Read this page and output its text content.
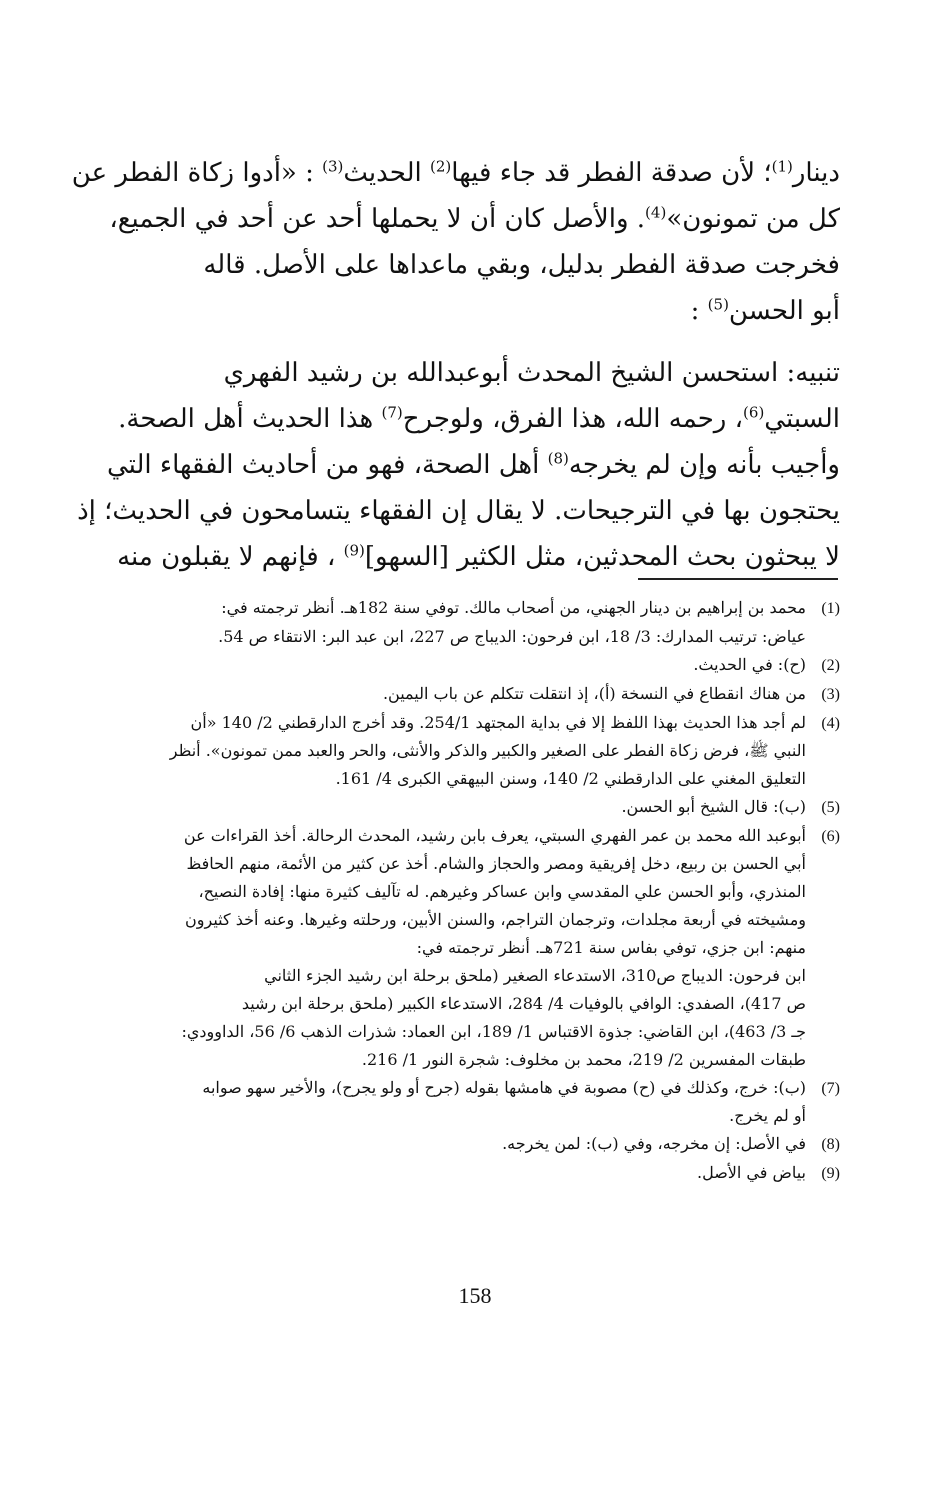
دينار$^{(1)}$؛ لأن صدقة الفطر قد جاء فيها$^{(2)}$ الحديث$^{(3)}$ : «أدوا زكاة الفطر عن
كل من تمونون»$^{(4)}$. والأصل كان أن لا يحملها أحد عن أحد في الجميع،
فخرجت صدقة الفطر بدليل، وبقي ماعداها على الأصل. قاله
أبو الحسن$^{(5)}$ :
تنبيه: استحسن الشيخ المحدث أبوعبدالله بن رشيد الفهري
السبتي$^{(6)}$، رحمه الله، هذا الفرق، ولوجرح$^{(7)}$ هذا الحديث أهل الصحة.
وأجيب بأنه وإن لم يخرجه$^{(8)}$ أهل الصحة، فهو من أحاديث الفقهاء التي
يحتجون بها في الترجيحات. لا يقال إن الفقهاء يتسامحون في الحديث؛ إذ
لا يبحثون بحث المحدثين، مثل الكثير [السهو]$^{(9)}$ ، فإنهم لا يقبلون منه
(1)
محمد بن إبراهيم بن دينار الجهني، من أصحاب مالك. توفي سنة 182هـ. أنظر ترجمته في:
عياض: ترتيب المدارك: 3/ 18، ابن فرحون: الديباج ص 227، ابن عبد البر: الانتقاء ص 54.
(2)
(ح): في الحديث.
(3)
من هناك انقطاع في النسخة (أ)، إذ انتقلت تتكلم عن باب اليمين.
(4)
لم أجد هذا الحديث بهذا اللفظ إلا في بداية المجتهد 254/1. وقد أخرج الدارقطني 2/ 140 «أن
النبي ﷺ، فرض زكاة الفطر على الصغير والكبير والذكر والأنثى، والحر والعبد ممن تمونون». أنظر
التعليق المغني على الدارقطني 2/ 140، وسنن البيهقي الكبرى 4/ 161.
(5)
(ب): قال الشيخ أبو الحسن.
(6)
أبوعبد الله محمد بن عمر الفهري السبتي، يعرف بابن رشيد، المحدث الرحالة. أخذ القراءات عن
أبي الحسن بن ربيع، دخل إفريقية ومصر والحجاز والشام. أخذ عن كثير من الأئمة، منهم الحافظ
المنذري، وأبو الحسن علي المقدسي وابن عساكر وغيرهم. له تآليف كثيرة منها: إفادة النصيح،
ومشيخته في أربعة مجلدات، وترجمان التراجم، والسنن الأبين، ورحلته وغيرها. وعنه أخذ كثيرون
منهم: ابن جزي، توفي بفاس سنة 721هـ. أنظر ترجمته في:
ابن فرحون: الديباج ص310، الاستدعاء الصغير (ملحق برحلة ابن رشيد الجزء الثاني
ص 417)، الصفدي: الوافي بالوفيات 4/ 284، الاستدعاء الكبير (ملحق برحلة ابن رشيد
جـ 3/ 463)، ابن القاضي: جذوة الاقتباس 1/ 189، ابن العماد: شذرات الذهب 6/ 56، الداوودي:
طبقات المفسرين 2/ 219، محمد بن مخلوف: شجرة النور 1/ 216.
(7)
(ب): خرج، وكذلك في (ح) مصوبة في هامشها بقوله (جرح أو ولو يجرح)، والأخير سهو صوابه
أو لم يخرج.
(8)
في الأصل: إن مخرجه، وفي (ب): لمن يخرجه.
(9)
بياض في الأصل.
158
